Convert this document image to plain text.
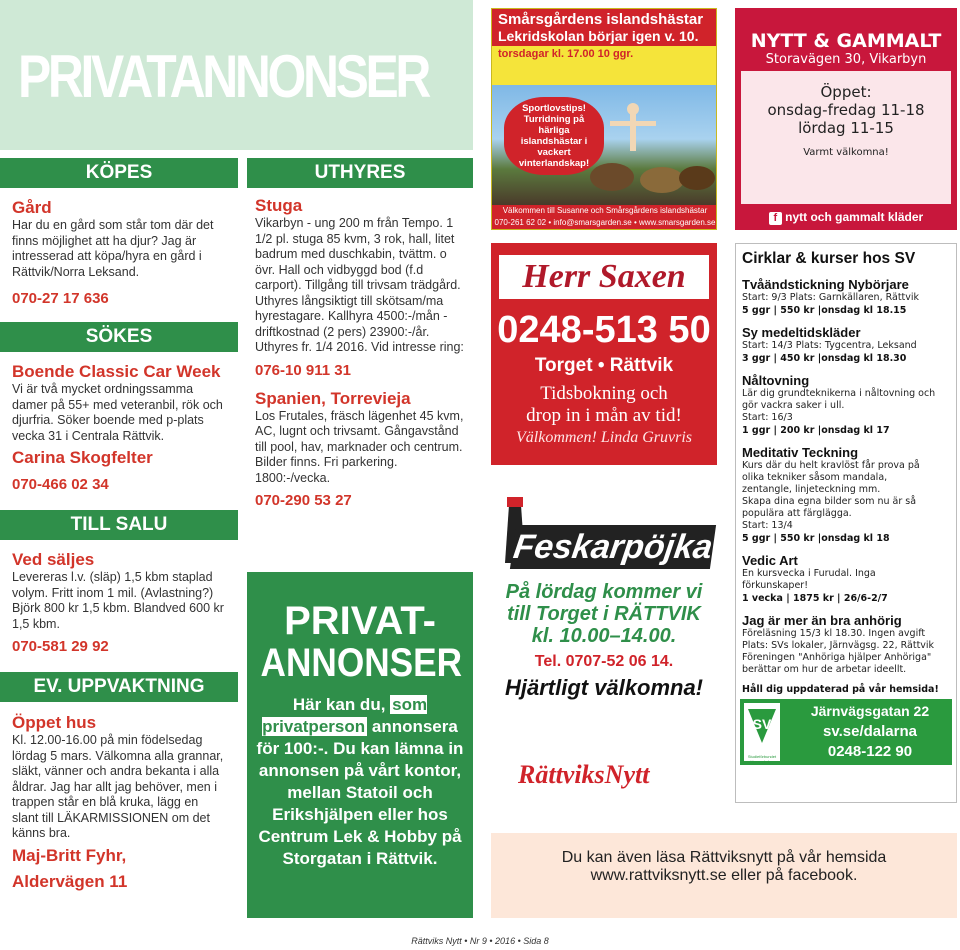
PRIVATANNONSER
KÖPES
Gård
Har du en gård som står tom där det finns möjlighet att ha djur? Jag är intresserad att köpa/hyra en gård i Rättvik/Norra Leksand.
070-27 17 636
SÖKES
Boende Classic Car Week
Vi är två mycket ordningssamma damer på 55+ med veteranbil, rök och djurfria. Söker boende med p-plats vecka 31 i Centrala Rättvik.
Carina Skogfelter
070-466 02 34
TILL SALU
Ved säljes
Levereras l.v. (släp) 1,5 kbm staplad volym. Fritt inom 1 mil. (Avlastning?) Björk 800 kr 1,5 kbm. Blandved 600 kr 1,5 kbm.
070-581 29 92
EV. UPPVAKTNING
Öppet hus
Kl. 12.00-16.00 på min födelsedag lördag 5 mars. Välkomna alla grannar, släkt, vänner och andra bekanta i alla åldrar. Jag har allt jag behöver, men i trappen står en blå kruka, lägg en slant till LÄKARMISSIONEN om det känns bra.
Maj-Britt Fyhr,
Aldervägen 11
UTHYRES
Stuga
Vikarbyn - ung 200 m från Tempo. 1 1/2 pl. stuga 85 kvm, 3 rok, hall, litet badrum med duschkabin, tvättm. o övr. Hall och vidbyggd bod (f.d carport). Tillgång till trivsam trädgård. Uthyres långsiktigt till skötsam/ma hyrestagare. Kallhyra 4500:-/mån - driftkostnad (2 pers) 23900:-/år. Uthyres fr. 1/4 2016. Vid intresse ring:
076-10 911 31
Spanien, Torrevieja
Los Frutales, fräsch lägenhet 45 kvm, AC, lugnt och trivsamt. Gångavstånd till pool, hav, marknader och centrum. Bilder finns. Fri parkering. 1800:-/vecka.
070-290 53 27
PRIVAT-
ANNONSER
Här kan du, som privatperson annonsera för 100:-. Du kan lämna in annonsen på vårt kontor, mellan Statoil och Erikshjälpen eller hos Centrum Lek & Hobby på Storgatan i Rättvik.
Smårsgårdens islandshästar
Lekridskolan börjar igen v. 10.
torsdagar kl. 17.00 10 ggr.
Sportlovstips! Turridning på härliga islandshästar i vackert vinterlandskap!
Välkommen till Susanne och Smårsgårdens islandshästar
070-261 62 02 • info@smarsgarden.se • www.smarsgarden.se
Herr Saxen
0248-513 50
Torget • Rättvik
Tidsbokning och
drop in i mån av tid!
Välkommen! Linda Gruvris
Feskarpöjka
På lördag kommer vi
till Torget i RÄTTVIK
kl. 10.00–14.00.
Tel. 0707-52 06 14.
Hjärtligt välkomna!
RättviksNytt
NYTT & GAMMALT
Storavägen 30, Vikarbyn
Öppet:
onsdag-fredag 11-18
lördag 11-15
Varmt välkomna!
f nytt och gammalt kläder
Cirklar & kurser hos SV
Tvåändstickning Nybörjare
Start: 9/3 Plats: Garnkällaren, Rättvik
5 ggr | 550 kr |onsdag kl 18.15
Sy medeltidskläder
Start: 14/3 Plats: Tygcentra, Leksand
3 ggr | 450 kr |onsdag kl 18.30
Nåltovning
Lär dig grundteknikerna i nåltovning och
gör vackra saker i ull.
Start: 16/3
1 ggr | 200 kr |onsdag kl 17
Meditativ Teckning
Kurs där du helt kravlöst får prova på
olika tekniker såsom mandala,
zentangle, linjeteckning mm.
Skapa dina egna bilder som nu är så
populära att färglägga.
Start: 13/4
5 ggr | 550 kr |onsdag kl 18
Vedic Art
En kursvecka i Furudal. Inga
förkunskaper!
1 vecka | 1875 kr | 26/6-2/7
Jag är mer än bra anhörig
Föreläsning 15/3 kl 18.30. Ingen avgift
Plats: SVs lokaler, Järnvägsg. 22, Rättvik
Föreningen "Anhöriga hjälper Anhöriga"
berättar om hur de arbetar ideellt.
Håll dig uppdaterad på vår hemsida!
SV
Studieförbundet Vuxenskolan
Järnvägsgatan 22
sv.se/dalarna
0248-122 90
Du kan även läsa Rättviksnytt på vår hemsida
www.rattviksnytt.se eller på facebook.
Rättviks Nytt • Nr 9 • 2016 • Sida 8
